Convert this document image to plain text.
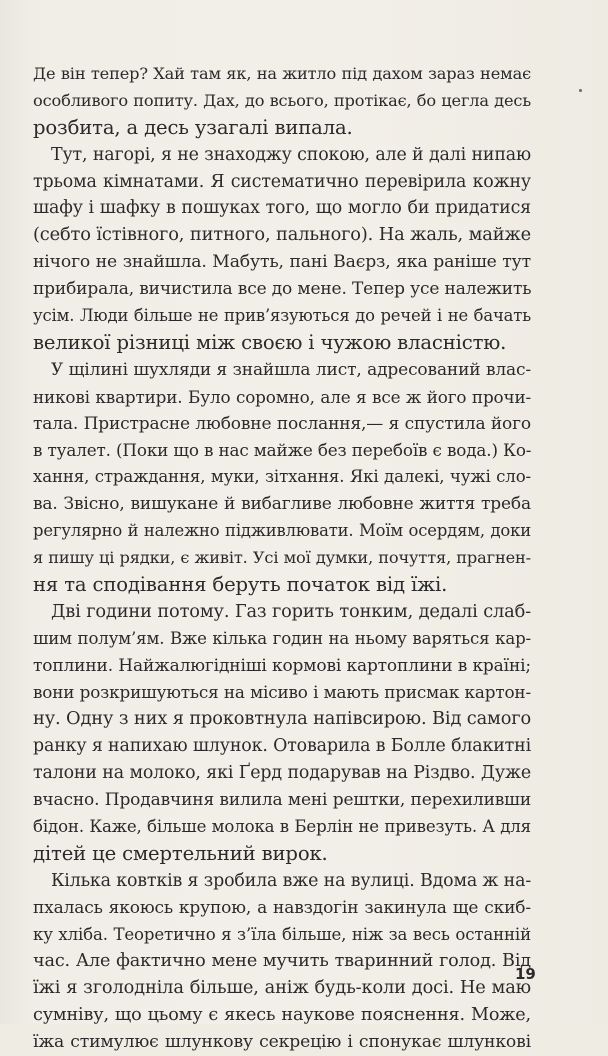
Де він тепер? Хай там як, на житло під дахом зараз немає
особливого попиту. Дах, до всього, протікає, бо цегла десь
розбита, а десь узагалі випала.
Тут, нагорі, я не знаходжу спокою, але й далі нипаю
трьома кімнатами. Я систематично перевірила кожну
шафу і шафку в пошуках того, що могло би придатися
(себто їстівного, питного, пального). На жаль, майже
нічого не знайшла. Мабуть, пані Ваєрз, яка раніше тут
прибирала, вичистила все до мене. Тепер усе належить
усім. Люди більше не прив’язуються до речей і не бачать
великої різниці між своєю і чужою власністю.
У щілині шухляди я знайшла лист, адресований влас-
никові квартири. Було соромно, але я все ж його прочи-
тала. Пристрасне любовне послання,— я спустила його
в туалет. (Поки що в нас майже без перебоїв є вода.) Ко-
хання, страждання, муки, зітхання. Які далекі, чужі сло-
ва. Звісно, вишукане й вибагливе любовне життя треба
регулярно й належно підживлювати. Моїм осердям, доки
я пишу ці рядки, є живіт. Усі мої думки, почуття, прагнен-
ня та сподівання беруть початок від їжі.
Дві години потому. Газ горить тонким, дедалі слаб-
шим полум’ям. Вже кілька годин на ньому варяться кар-
топлини. Найжалюгідніші кормові картоплини в країні;
вони розкришуються на місиво і мають присмак картон-
ну. Одну з них я проковтнула напівсирою. Від самого
ранку я напихаю шлунок. Отоварила в Болле блакитні
талони на молоко, які Ґерд подарував на Різдво. Дуже
вчасно. Продавчиня вилила мені рештки, перехиливши
бідон. Каже, більше молока в Берлін не привезуть. А для
дітей це смертельний вирок.
Кілька ковтків я зробила вже на вулиці. Вдома ж на-
пхалась якоюсь крупою, а навздогін закинула ще скиб-
ку хліба. Теоретично я з’їла більше, ніж за весь останній
час. Але фактично мене мучить тваринний голод. Від
їжі я зголодніла більше, аніж будь-коли досі. Не маю
сумніву, що цьому є якесь наукове пояснення. Може,
їжа стимулює шлункову секрецію і спонукає шлункові
19
